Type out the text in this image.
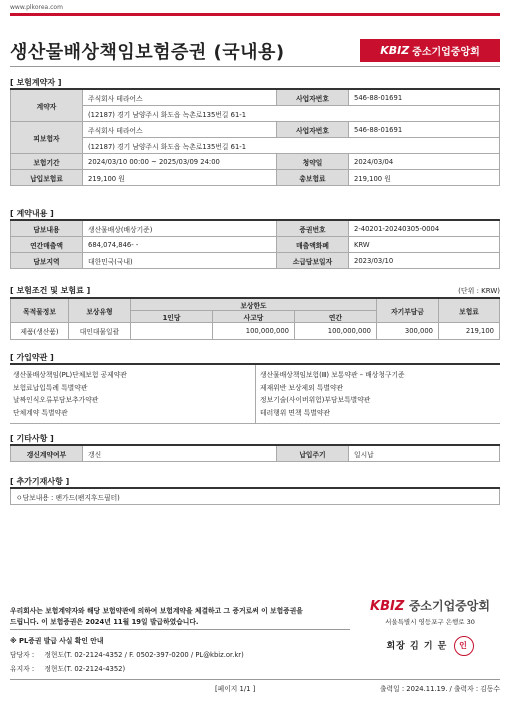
www.plkorea.com
생산물배상책임보험증권 (국내용)	KBIZ 중소기업중앙회
[ 보험계약자 ]
계약자	주식회사 테라어스	사업자번호	546-88-01691
	(12187) 경기 남양주시 화도읍 녹촌로135번길 61-1		
피보험자	주식회사 테라어스	사업자번호	546-88-01691
	(12187) 경기 남양주시 화도읍 녹촌로135번길 61-1		
보험기간	2024/03/10 00:00 ~ 2025/03/09 24:00	청약일	2024/03/04
납입보험료	219,100 원	총보험료	219,100 원
[ 계약내용 ]
담보내용	생산물배상(배상기준)	증권번호	2-40201-20240305-0004
연간매출액	684,074,846- -	매출액화폐	KRW
담보지역	대한민국(국내)	소급담보일자	2023/03/10
[ 보험조건 및 보험료 ]	(단위 : KRW)
목적물정보	보상유형	보상한도			자기부담금	보험료
		1인당	사고당	연간		
제품(생산품)	대인대물일괄		100,000,000	100,000,000	300,000	219,100
[ 가입약관 ]
생산물배상책임(PL)단체보험 공제약관
보험료납입특례 특별약관
날짜인식오류부담보추가약관
단체계약 특별약관
생산물배상책임보험(Ⅲ) 보통약관 – 배상청구기준
제재위반 보상제외 특별약관
정보기술(사이버위험)부담보특별약관
테러행위 면책 특별약관
[ 기타사항 ]
갱신계약여부	갱신	납입주기	일시납
[ 추가기재사항 ]
ㅇ담보내용 : 팬가드(팬지후드필터)
우리회사는 보험계약자와 해당 보험약관에 의하여 보험계약을 체결하고 그 증거로써 이 보험증권을
드립니다. 이 보험증권은 2024년 11월 19일 발급하였습니다.
※ PL증권 발급 사실 확인 안내
담당자 : 정현도(T. 02-2124-4352 / F. 0502-397-0200 / PL@kbiz.or.kr)
유지자 : 정현도(T. 02-2124-4352)
KBIZ 중소기업중앙회
서울특별시 영등포구 은행로 30
회장 김 기 문 인
[페이지 1/1 ]	출력일 : 2024.11.19. / 출력자 : 김동수
